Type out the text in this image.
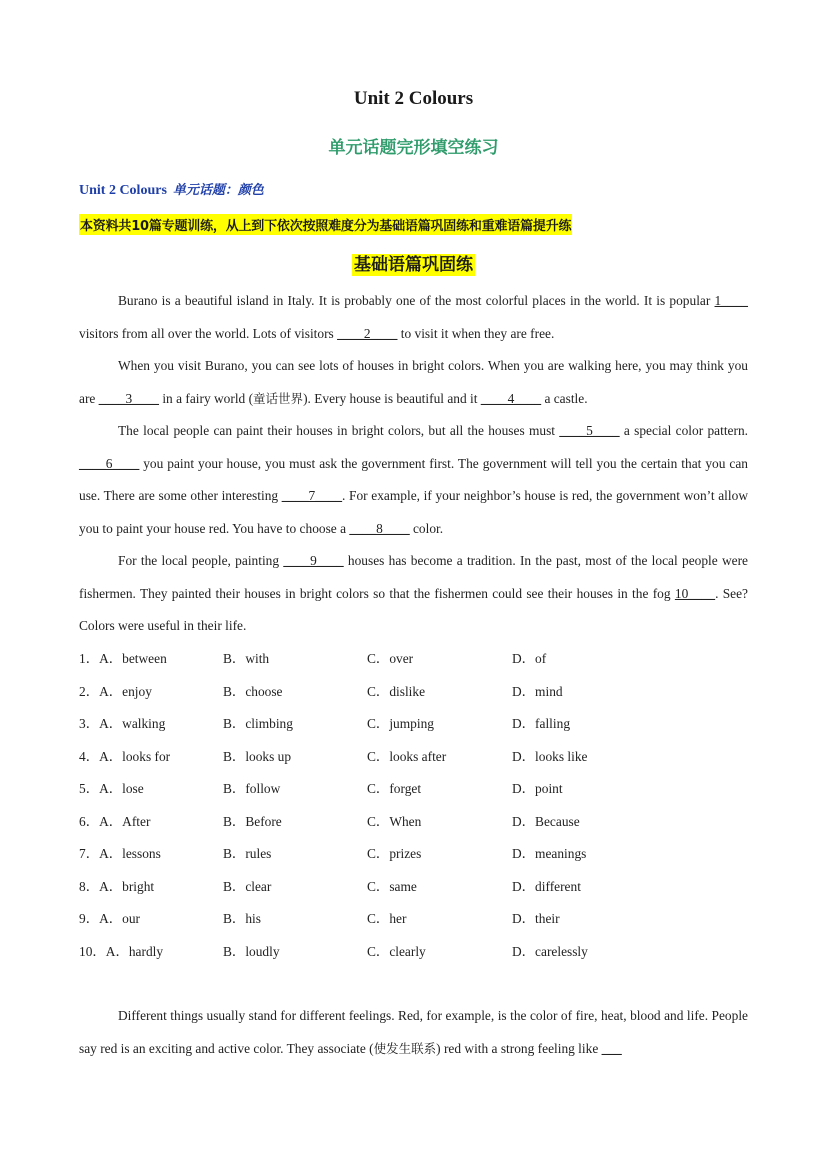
Unit 2 Colours
单元话题完形填空练习
Unit 2 Colours 单元话题：颜色
本资料共10篇专题训练，从上到下依次按照难度分为基础语篇巩固练和重难语篇提升练
基础语篇巩固练
Burano is a beautiful island in Italy. It is probably one of the most colorful places in the world. It is popular 1____ visitors from all over the world. Lots of visitors ____2____ to visit it when they are free.
When you visit Burano, you can see lots of houses in bright colors. When you are walking here, you may think you are ____3____ in a fairy world (童话世界). Every house is beautiful and it ____4____ a castle.
The local people can paint their houses in bright colors, but all the houses must ____5____ a special color pattern. ____6____ you paint your house, you must ask the government first. The government will tell you the certain that you can use. There are some other interesting ____7____. For example, if your neighbor’s house is red, the government won’t allow you to paint your house red. You have to choose a ____8____ color.
For the local people, painting ____9____ houses has become a tradition. In the past, most of the local people were fishermen. They painted their houses in bright colors so that the fishermen could see their houses in the fog 10____. See? Colors were useful in their life.
1．A．between	B．with	C．over	D．of
2．A．enjoy	B．choose	C．dislike	D．mind
3．A．walking	B．climbing	C．jumping	D．falling
4．A．looks for	B．looks up	C．looks after	D．looks like
5．A．lose	B．follow	C．forget	D．point
6．A．After	B．Before	C．When	D．Because
7．A．lessons	B．rules	C．prizes	D．meanings
8．A．bright	B．clear	C．same	D．different
9．A．our	B．his	C．her	D．their
10．A．hardly	B．loudly	C．clearly	D．carelessly
Different things usually stand for different feelings. Red, for example, is the color of fire, heat, blood and life. People say red is an exciting and active color. They associate (使发生联系) red with a strong feeling like ___
